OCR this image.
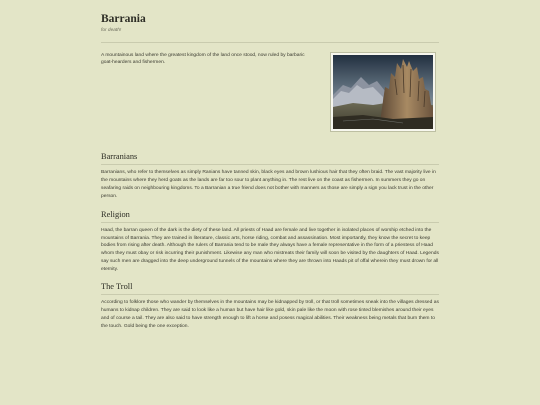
Barrania

for death!

A mountainous land where the greatest kingdom of the land once stood, now ruled by barbaric goat-hearders and fishermen.

Barranians

Barranians, who refer to themselves as simply Ranians have tanned skin, black eyes and brown lushious hair that they often braid. The vast majority live in the mountains where they herd goats as the lands are far too sour to plant anything in. The rest live on the coast as fishermen. In summers they go on seafaring raids on neighbouring kingdoms. To a Barranian a true friend does not bother with manners as those are simply a sign you lack trust in the other person.

Religion

Haad, the barran queen of the dark is the diety of these land. All priests of Haad are female and live together in isolated places of worship etched into the mountains of Barrania. They are trained in literature, classic arts, horse riding, combat and assassination. Most importantly, they know the secret to keep bodies from rising after death. Although the rulers of Barrania tend to be male they always have a female representative in the form of a priestess of Haad whom they must obay or risk incurring their punishment. Likewise any man who mistreats their family will soon be visited by the daughters of Haad. Legends say such men are dragged into the deep underground tunnels of the mountains where they are thrown into Haads pit of offal wherein they must drown for all eternity.

The Troll

According to folklore those who wander by themselves in the mountains may be kidnapped by troll, or that troll sometimes sneak into the villages dressed as humans to kidnap children. They are said to look like a human but have hair like gold, skin pale like the moon with rose tinted blemishes around their eyes and of course a tail. They are also said to have strength enough to lift a horse and posess magical abilities. Their weakness being metals that burn them to the touch. Gold being the one exception.
